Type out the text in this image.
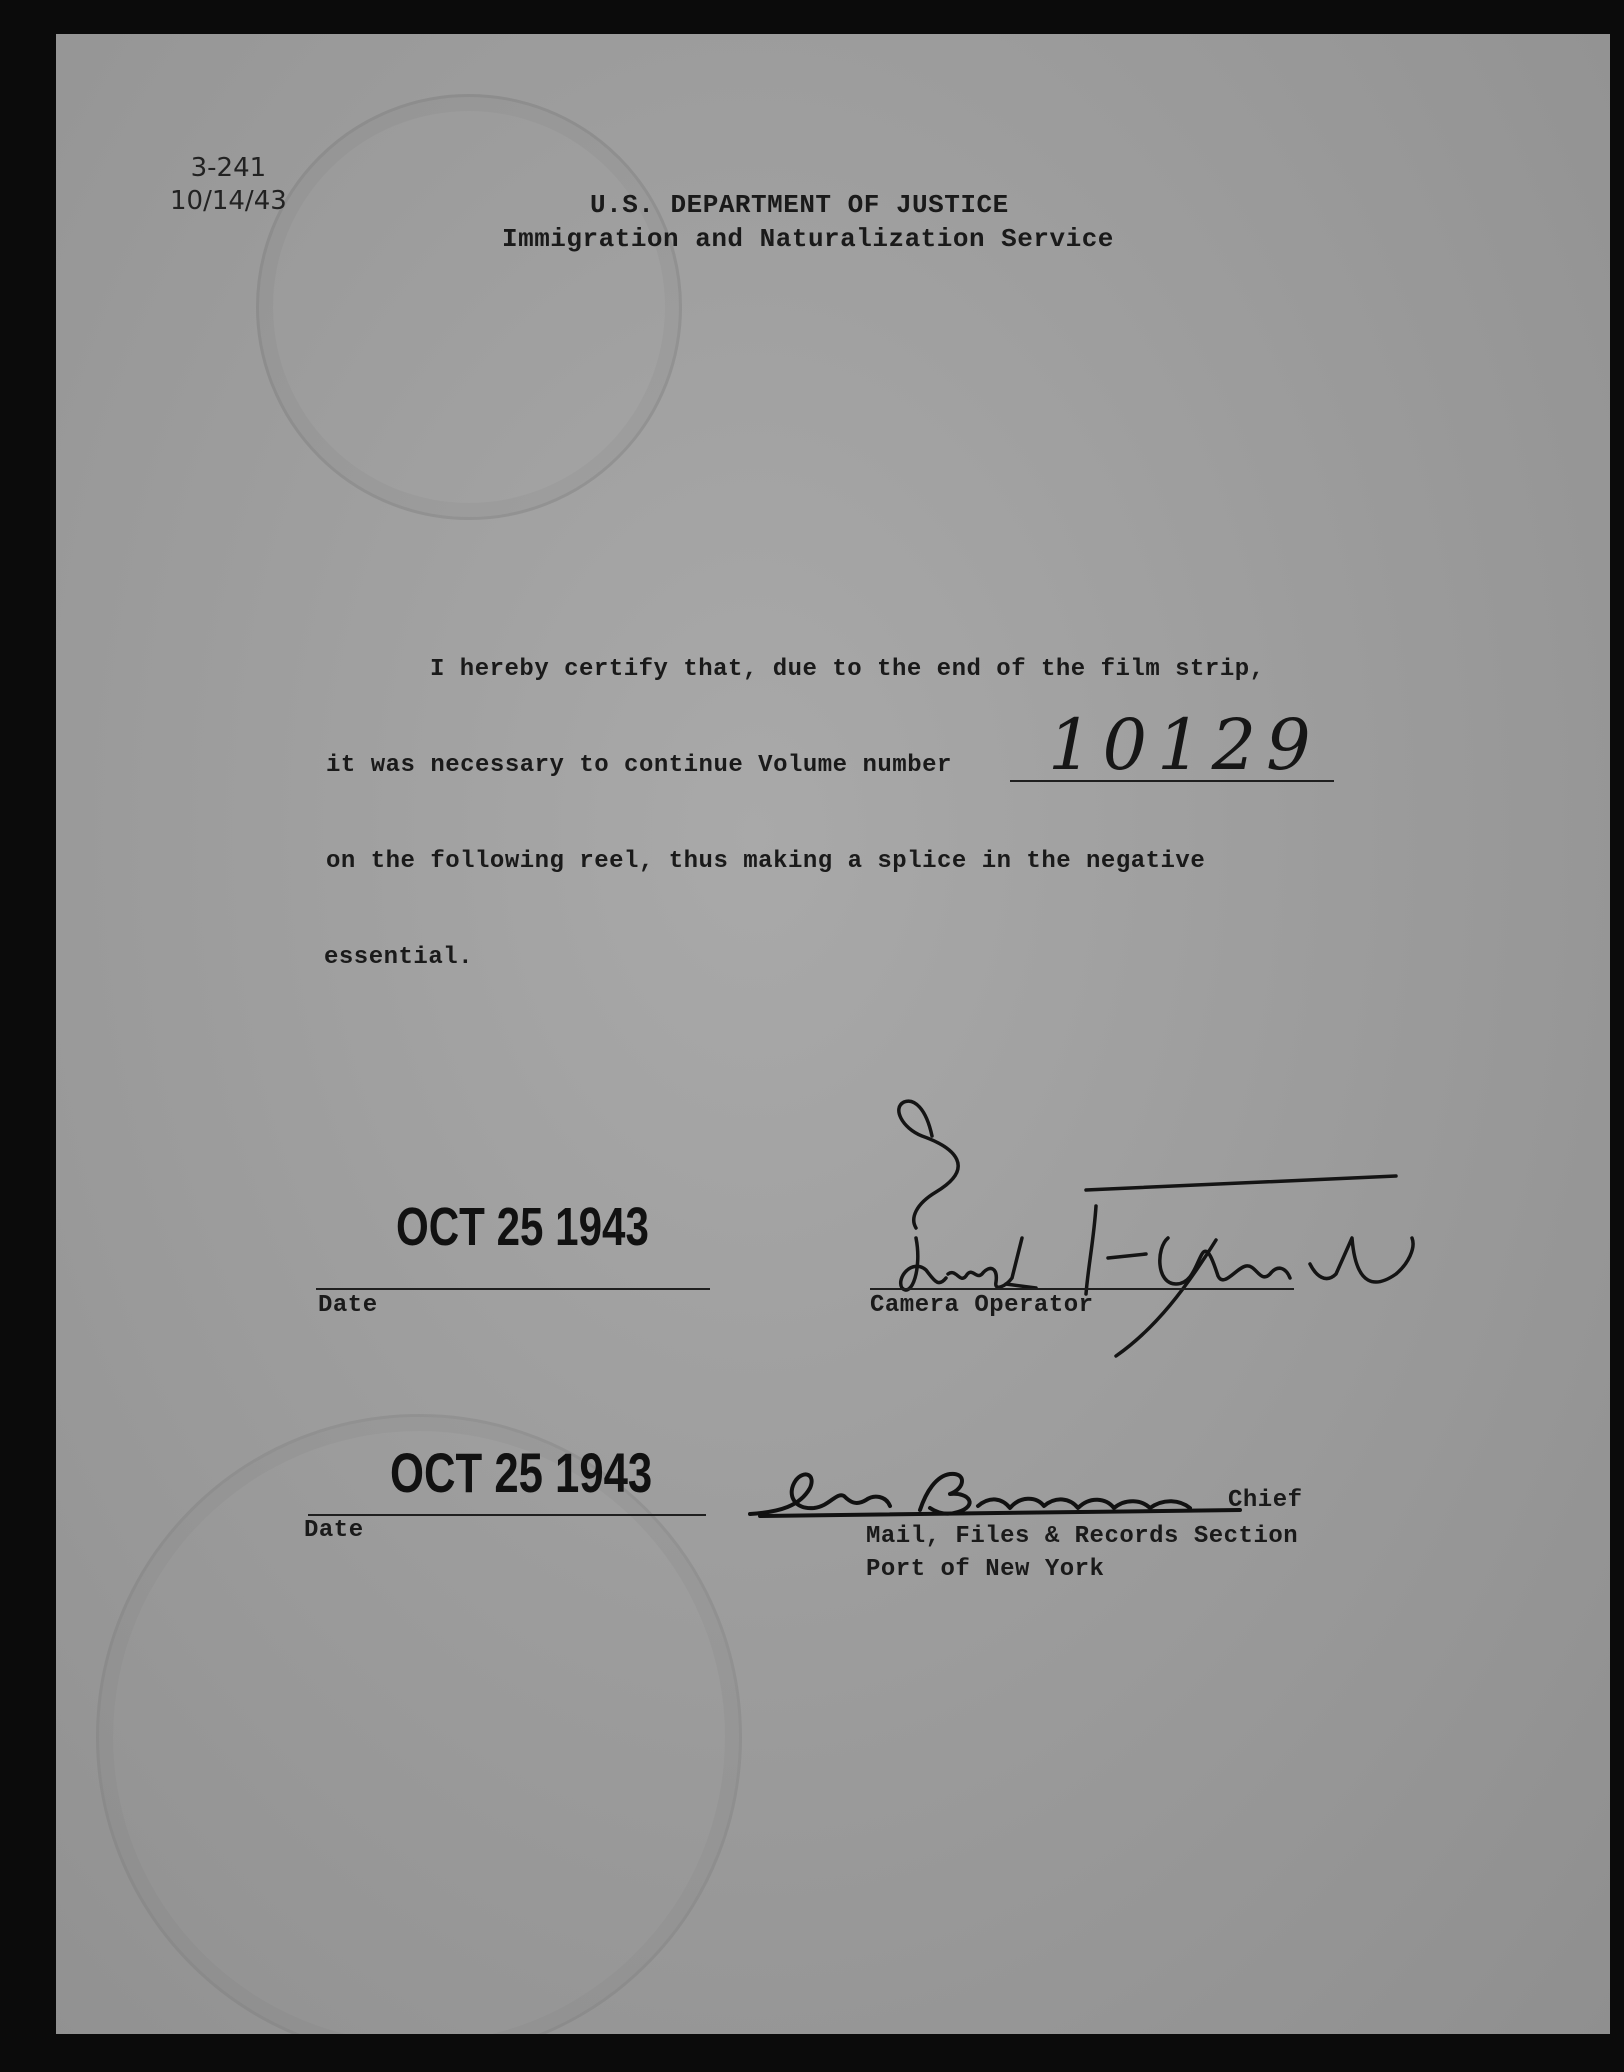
3-241
10/14/43	U.S. DEPARTMENT OF JUSTICE
Immigration and Naturalization Service
I hereby certify that, due to the end of the film strip,
it was necessary to continue Volume number 10129
on the following reel, thus making a splice in the negative
essential.
OCT 25 1943
Date	Camera Operator
OCT 25 1943
Date
Chief
Mail, Files & Records Section
Port of New York
